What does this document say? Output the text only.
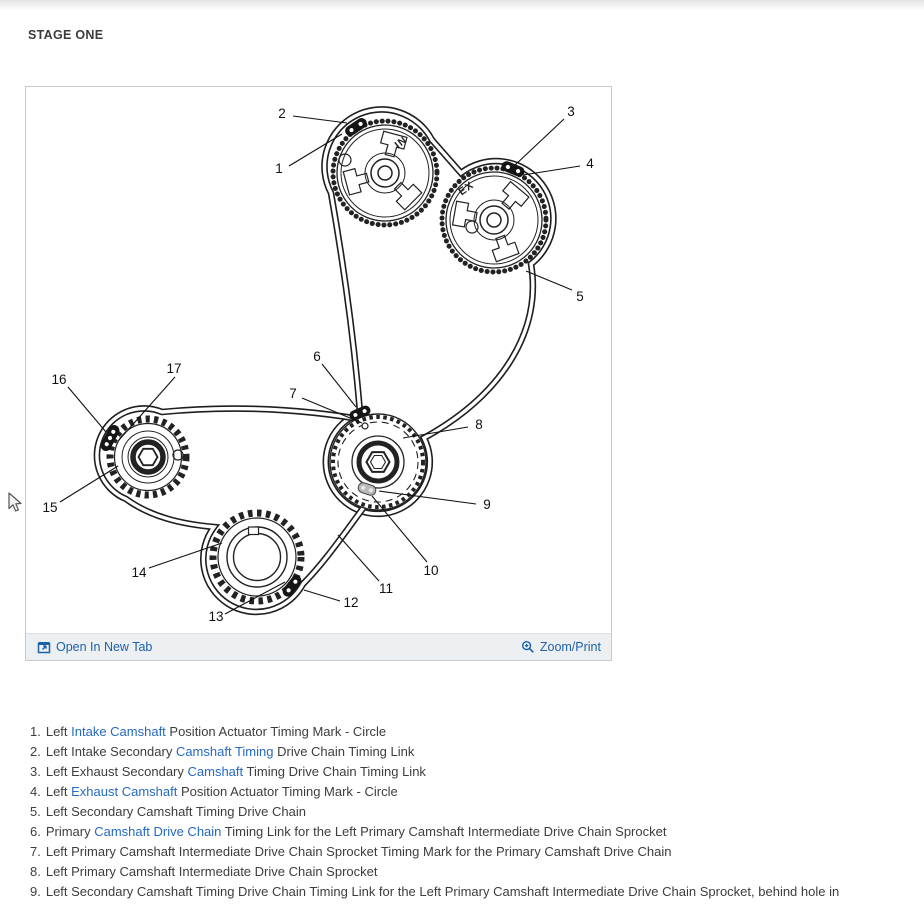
STAGE ONE
IN
EX
1
2	3
4
5
6
7
8
9
10
11
12
13
14
15
16
17
Open In New Tab	Zoom/Print
1. Left Intake Camshaft Position Actuator Timing Mark - Circle
2. Left Intake Secondary Camshaft Timing Drive Chain Timing Link
3. Left Exhaust Secondary Camshaft Timing Drive Chain Timing Link
4. Left Exhaust Camshaft Position Actuator Timing Mark - Circle
5. Left Secondary Camshaft Timing Drive Chain
6. Primary Camshaft Drive Chain Timing Link for the Left Primary Camshaft Intermediate Drive Chain Sprocket
7. Left Primary Camshaft Intermediate Drive Chain Sprocket Timing Mark for the Primary Camshaft Drive Chain
8. Left Primary Camshaft Intermediate Drive Chain Sprocket
9. Left Secondary Camshaft Timing Drive Chain Timing Link for the Left Primary Camshaft Intermediate Drive Chain Sprocket, behind hole in
